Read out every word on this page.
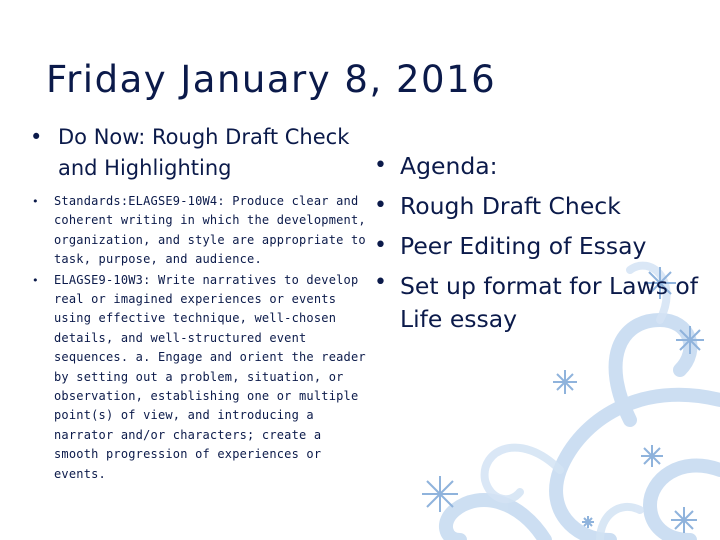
Friday January 8, 2016
• Do Now: Rough Draft Check and Highlighting
• Standards:ELAGSE9-10W4: Produce clear and coherent writing in which the development, organization, and style are appropriate to task, purpose, and audience.
• ELAGSE9-10W3: Write narratives to develop real or imagined experiences or events using effective technique, well-chosen details, and well-structured event sequences. a. Engage and orient the reader by setting out a problem, situation, or observation, establishing one or multiple point(s) of view, and introducing a narrator and/or characters; create a smooth progression of experiences or events.
• Agenda:
• Rough Draft Check
• Peer Editing of Essay
• Set up format for Laws of Life essay
